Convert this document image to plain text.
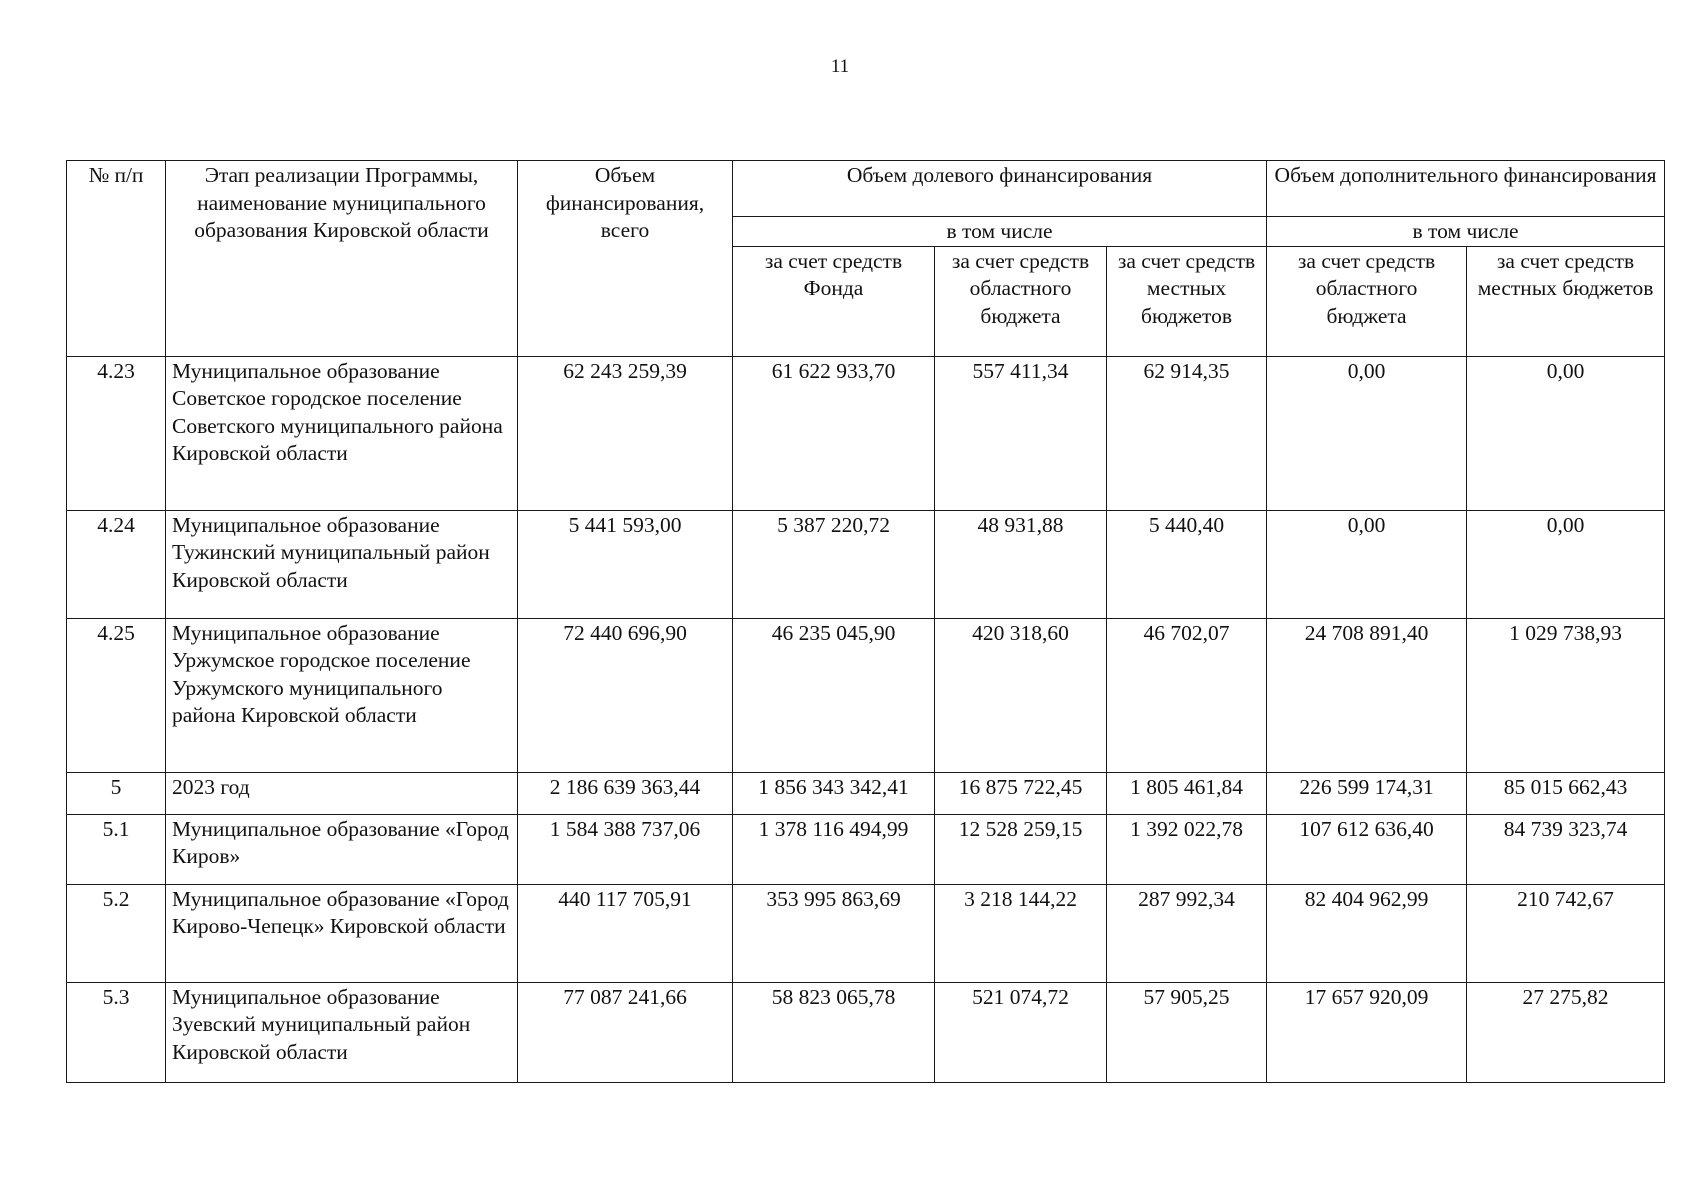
11
№ п/п	Этап реализации Программы, наименование муниципального образования Кировской области	Объем финансирования, всего	Объем долевого финансирования			Объем дополнительного финансирования	
			в том числе			в том числе	
			за счет средств Фонда	за счет средств областного бюджета	за счет средств местных бюджетов	за счет средств областного бюджета	за счет средств местных бюджетов
4.23	Муниципальное образование Советское городское поселение Советского муниципального района Кировской области	62 243 259,39	61 622 933,70	557 411,34	62 914,35	0,00	0,00
4.24	Муниципальное образование Тужинский муниципальный район Кировской области	5 441 593,00	5 387 220,72	48 931,88	5 440,40	0,00	0,00
4.25	Муниципальное образование Уржумское городское поселение Уржумского муниципального района Кировской области	72 440 696,90	46 235 045,90	420 318,60	46 702,07	24 708 891,40	1 029 738,93
5	2023 год	2 186 639 363,44	1 856 343 342,41	16 875 722,45	1 805 461,84	226 599 174,31	85 015 662,43
5.1	Муниципальное образование «Город Киров»	1 584 388 737,06	1 378 116 494,99	12 528 259,15	1 392 022,78	107 612 636,40	84 739 323,74
5.2	Муниципальное образование «Город Кирово-Чепецк» Кировской области	440 117 705,91	353 995 863,69	3 218 144,22	287 992,34	82 404 962,99	210 742,67
5.3	Муниципальное образование Зуевский муниципальный район Кировской области	77 087 241,66	58 823 065,78	521 074,72	57 905,25	17 657 920,09	27 275,82
